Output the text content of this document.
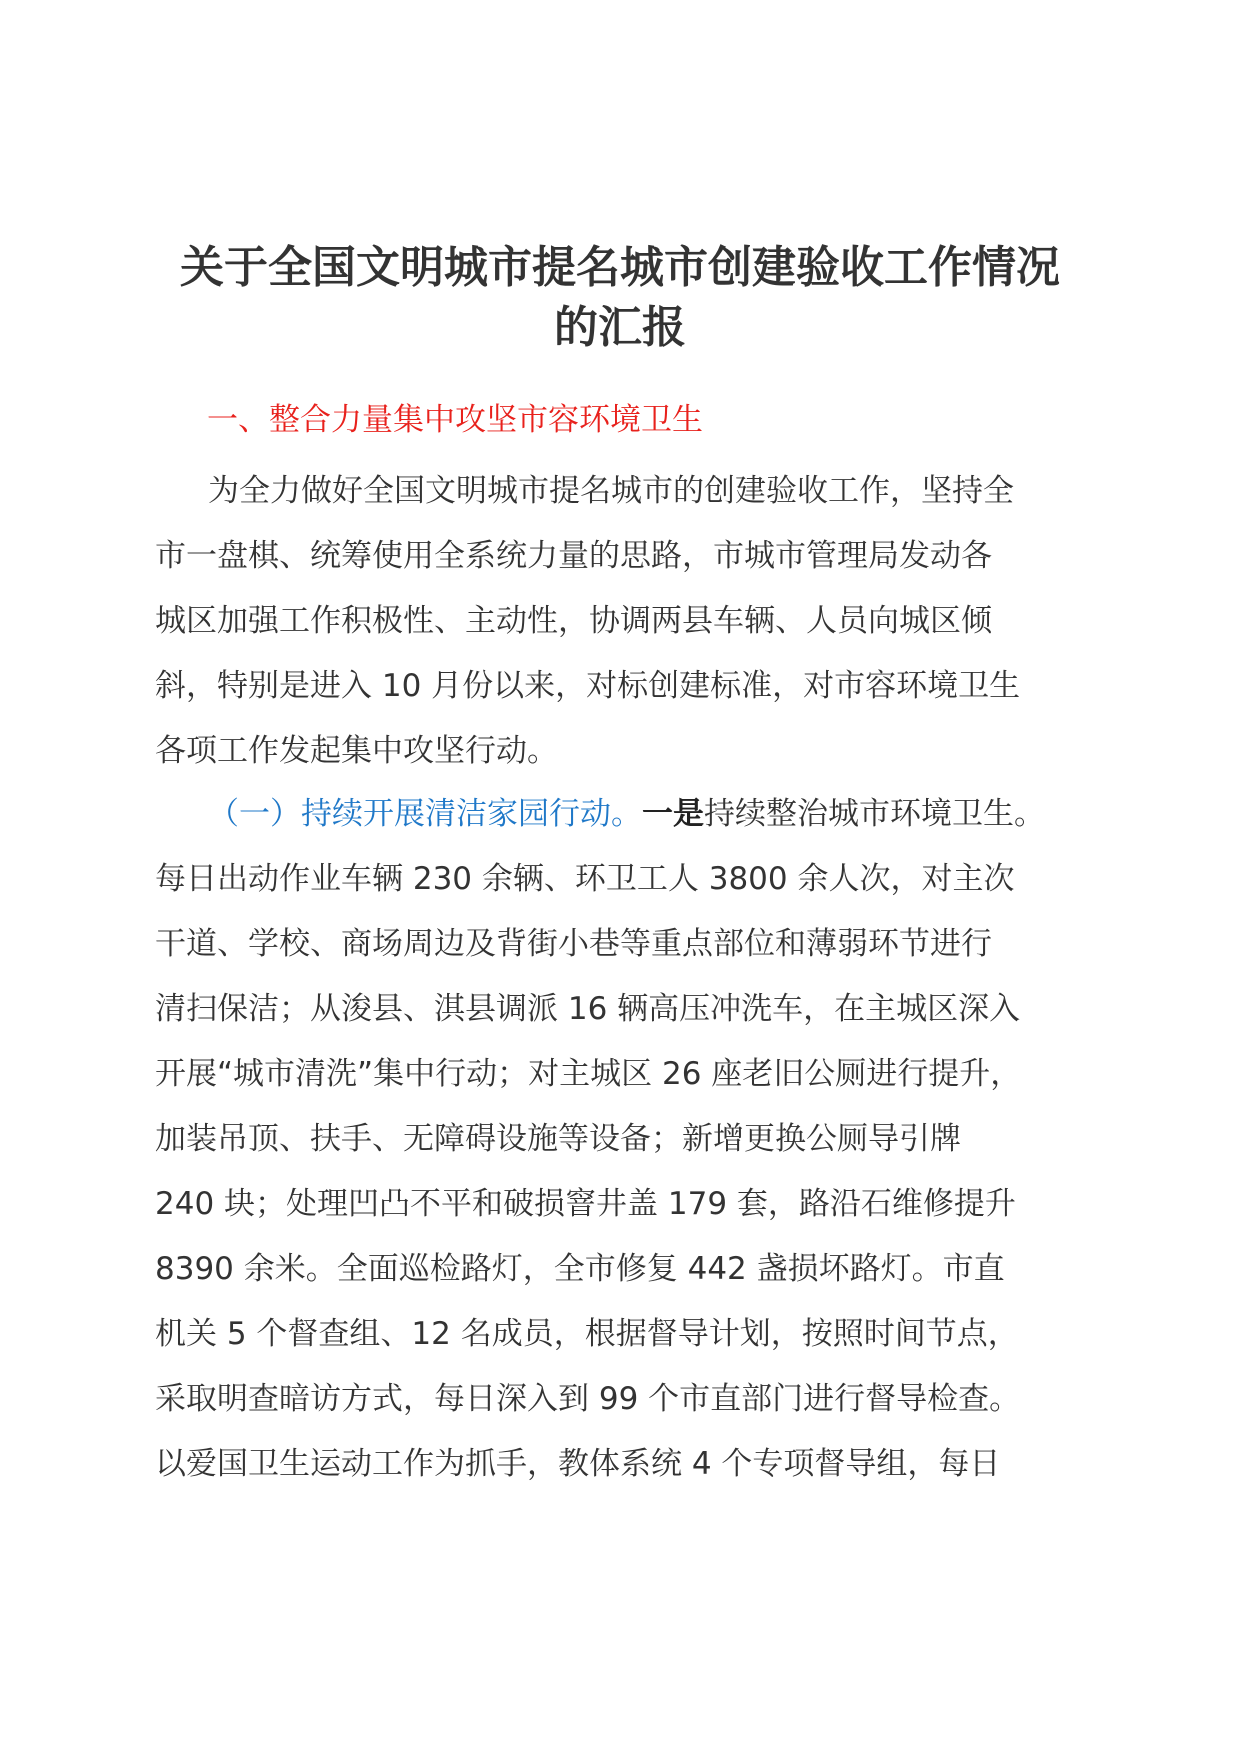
关于全国文明城市提名城市创建验收工作情况
的汇报
一、整合力量集中攻坚市容环境卫生
为全力做好全国文明城市提名城市的创建验收工作，坚持全
市一盘棋、统筹使用全系统力量的思路，市城市管理局发动各
城区加强工作积极性、主动性，协调两县车辆、人员向城区倾
斜，特别是进入 10 月份以来，对标创建标准，对市容环境卫生
各项工作发起集中攻坚行动。
（一）持续开展清洁家园行动。一是持续整治城市环境卫生。
每日出动作业车辆 230 余辆、环卫工人 3800 余人次，对主次
干道、学校、商场周边及背街小巷等重点部位和薄弱环节进行
清扫保洁；从浚县、淇县调派 16 辆高压冲洗车，在主城区深入
开展“城市清洗”集中行动；对主城区 26 座老旧公厕进行提升，
加装吊顶、扶手、无障碍设施等设备；新增更换公厕导引牌
240 块；处理凹凸不平和破损窨井盖 179 套，路沿石维修提升
8390 余米。全面巡检路灯，全市修复 442 盏损坏路灯。市直
机关 5 个督查组、12 名成员，根据督导计划，按照时间节点，
采取明查暗访方式，每日深入到 99 个市直部门进行督导检查。
以爱国卫生运动工作为抓手，教体系统 4 个专项督导组，每日
